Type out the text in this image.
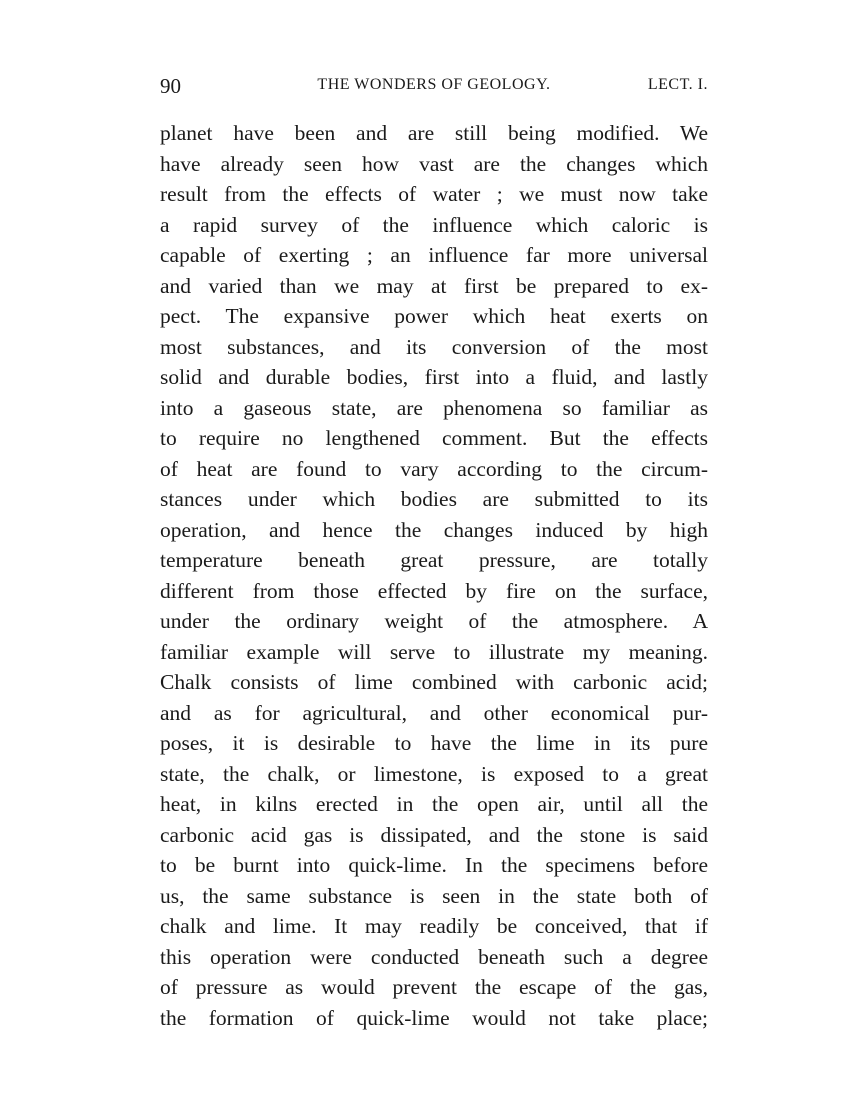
90	THE WONDERS OF GEOLOGY.	LECT. I.
planet have been and are still being modified. We
have already seen how vast are the changes which
result from the effects of water ; we must now take
a rapid survey of the influence which caloric is
capable of exerting ; an influence far more universal
and varied than we may at first be prepared to ex-
pect. The expansive power which heat exerts on
most substances, and its conversion of the most
solid and durable bodies, first into a fluid, and lastly
into a gaseous state, are phenomena so familiar as
to require no lengthened comment. But the effects
of heat are found to vary according to the circum-
stances under which bodies are submitted to its
operation, and hence the changes induced by high
temperature beneath great pressure, are totally
different from those effected by fire on the surface,
under the ordinary weight of the atmosphere. A
familiar example will serve to illustrate my meaning.
Chalk consists of lime combined with carbonic acid;
and as for agricultural, and other economical pur-
poses, it is desirable to have the lime in its pure
state, the chalk, or limestone, is exposed to a great
heat, in kilns erected in the open air, until all the
carbonic acid gas is dissipated, and the stone is said
to be burnt into quick-lime. In the specimens before
us, the same substance is seen in the state both of
chalk and lime. It may readily be conceived, that if
this operation were conducted beneath such a degree
of pressure as would prevent the escape of the gas,
the formation of quick-lime would not take place;
